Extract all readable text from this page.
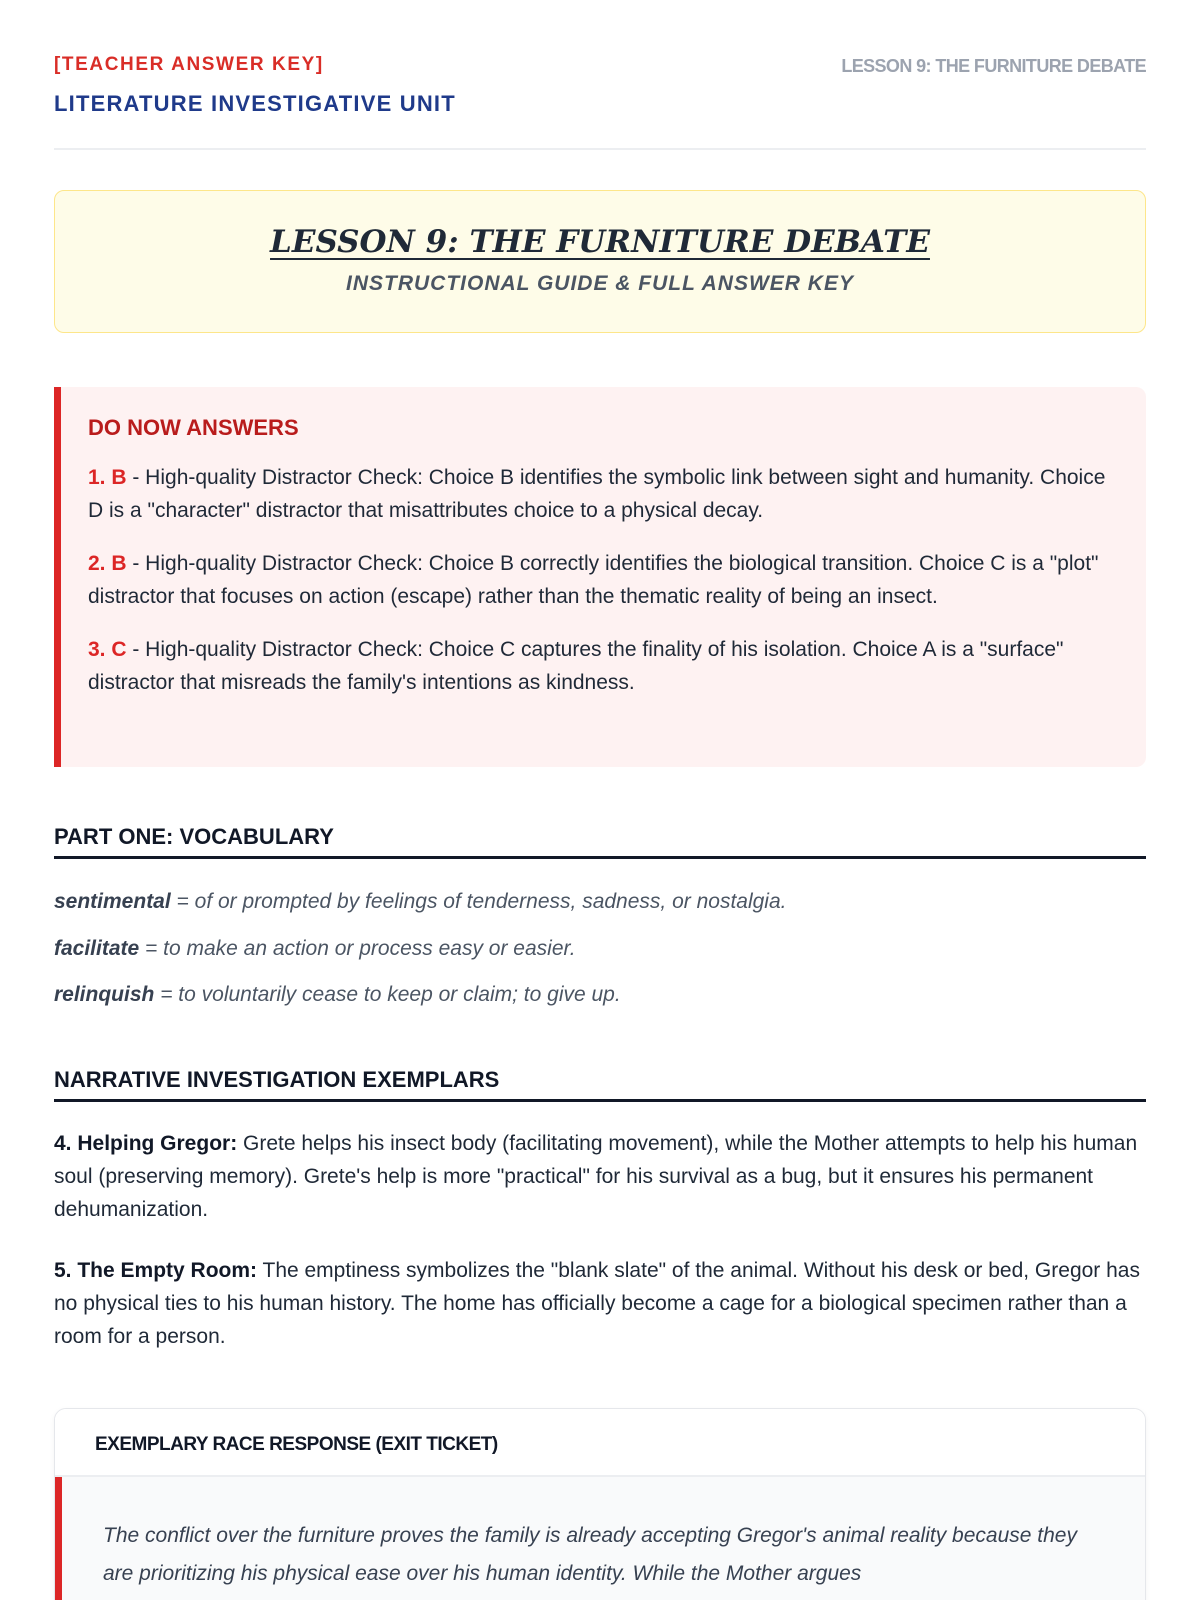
[TEACHER ANSWER KEY]
LITERATURE INVESTIGATIVE UNIT
LESSON 9: THE FURNITURE DEBATE
LESSON 9: THE FURNITURE DEBATE
INSTRUCTIONAL GUIDE & FULL ANSWER KEY
DO NOW ANSWERS

1. B - High-quality Distractor Check: Choice B identifies the symbolic link between sight and humanity. Choice D is a "character" distractor that misattributes choice to a physical decay.

2. B - High-quality Distractor Check: Choice B correctly identifies the biological transition. Choice C is a "plot" distractor that focuses on action (escape) rather than the thematic reality of being an insect.

3. C - High-quality Distractor Check: Choice C captures the finality of his isolation. Choice A is a "surface" distractor that misreads the family's intentions as kindness.

PART ONE: VOCABULARY

sentimental = of or prompted by feelings of tenderness, sadness, or nostalgia.

facilitate = to make an action or process easy or easier.

relinquish = to voluntarily cease to keep or claim; to give up.

NARRATIVE INVESTIGATION EXEMPLARS

4. Helping Gregor: Grete helps his insect body (facilitating movement), while the Mother attempts to help his human soul (preserving memory). Grete's help is more "practical" for his survival as a bug, but it ensures his permanent dehumanization.

5. The Empty Room: The emptiness symbolizes the "blank slate" of the animal. Without his desk or bed, Gregor has no physical ties to his human history. The home has officially become a cage for a biological specimen rather than a room for a person.

EXEMPLARY RACE RESPONSE (EXIT TICKET)
The conflict over the furniture proves the family is already accepting Gregor's animal reality because they are prioritizing his physical ease over his human identity. While the Mother argues
